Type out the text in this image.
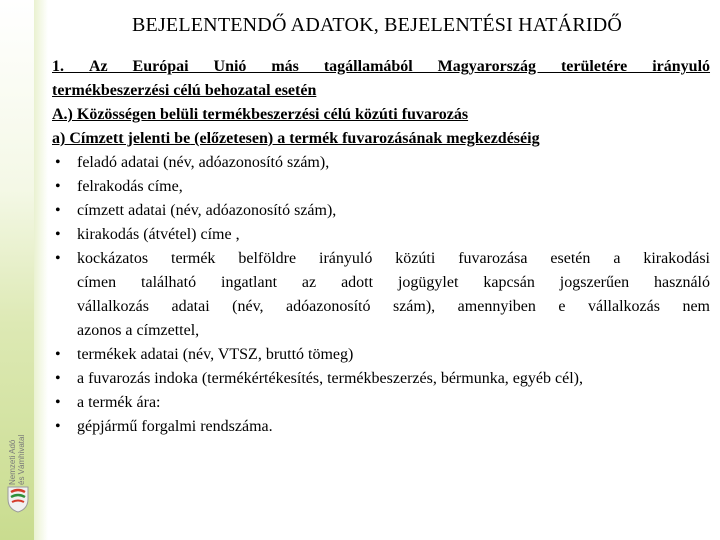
Nemzeti Adó és Vámhivatal
BEJELENTENDŐ ADATOK, BEJELENTÉSI HATÁRIDŐ

1. Az Európai Unió más tagállamából Magyarország területére irányuló

termékbeszerzési célú behozatal esetén

A.) Közösségen belüli termékbeszerzési célú közúti fuvarozás

a) Címzett jelenti be (előzetesen) a termék fuvarozásának megkezdéséig

• feladó adatai (név, adóazonosító szám),
• felrakodás címe,
• címzett adatai (név, adóazonosító szám),
• kirakodás (átvétel) címe ,
• kockázatos termék belföldre irányuló közúti fuvarozása esetén a kirakodási
címen található ingatlant az adott jogügylet kapcsán jogszerűen használó
vállalkozás adatai (név, adóazonosító szám), amennyiben e vállalkozás nem
azonos a címzettel,
• termékek adatai (név, VTSZ, bruttó tömeg)
• a fuvarozás indoka (termékértékesítés, termékbeszerzés, bérmunka, egyéb cél),
• a termék ára:
• gépjármű forgalmi rendszáma.
